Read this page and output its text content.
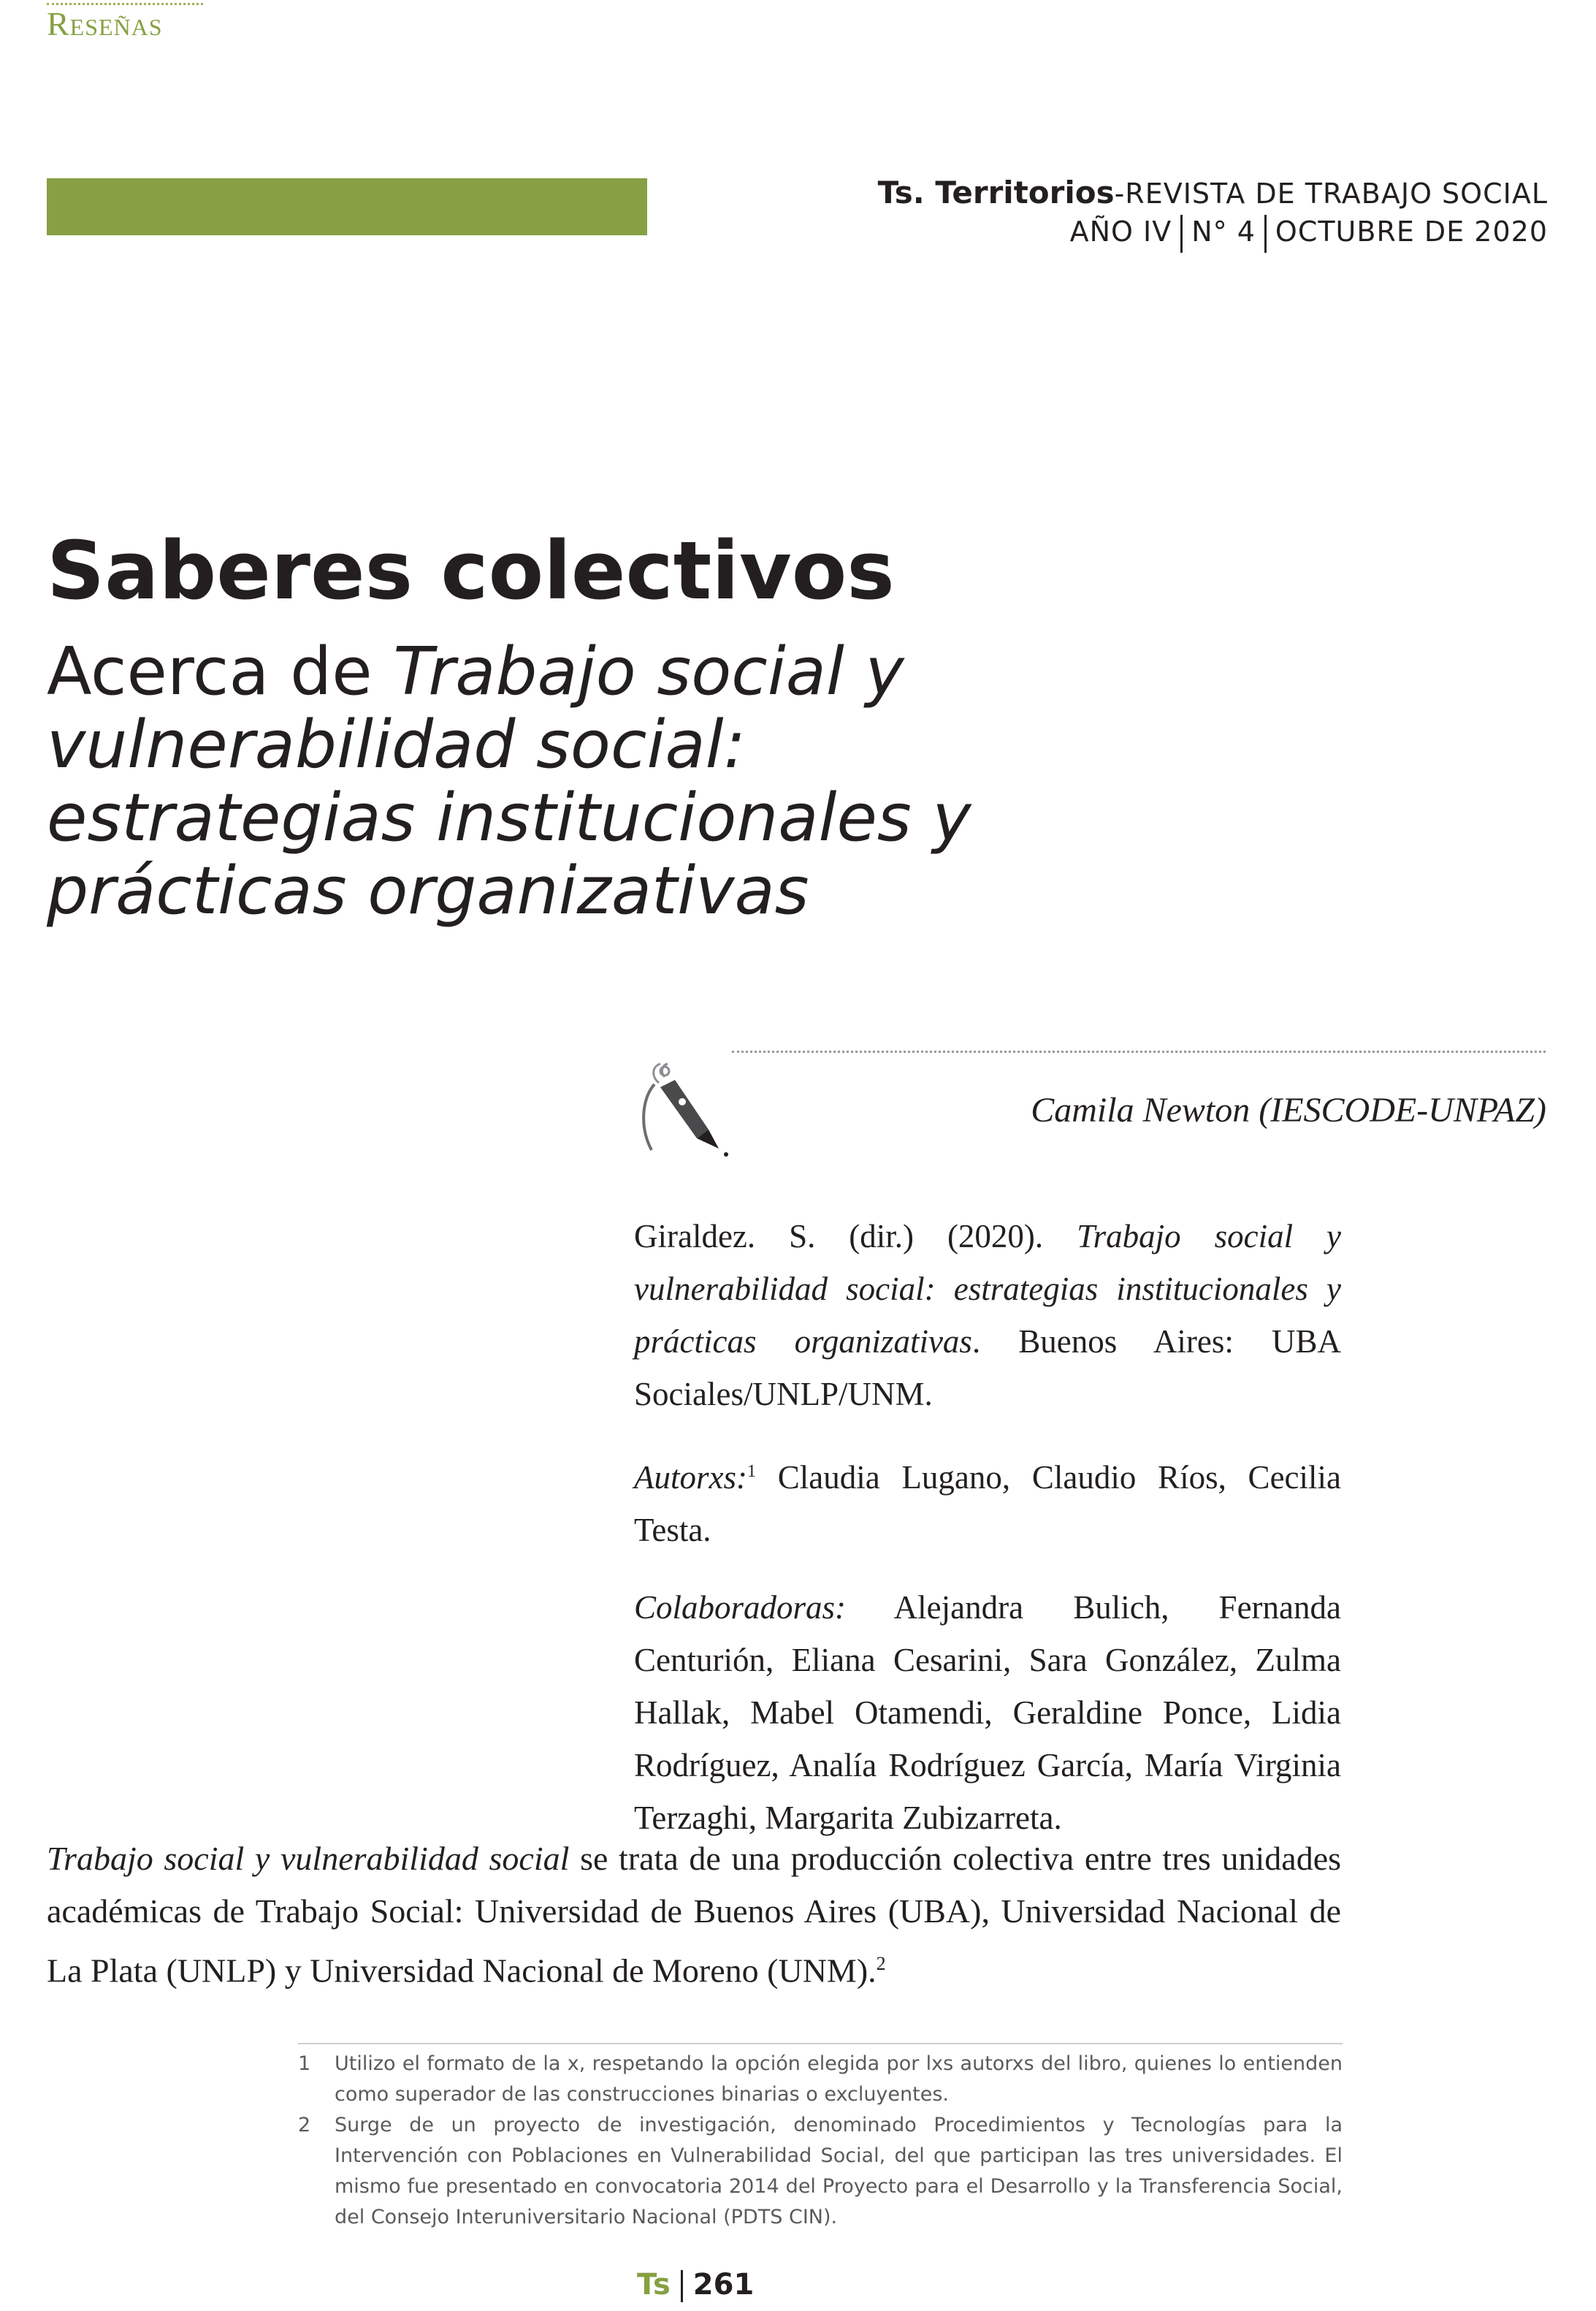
Reseñas
Ts. Territorios-REVISTA DE TRABAJO SOCIAL
AÑO IV N° 4 OCTUBRE DE 2020
Saberes colectivos
Acerca de Trabajo social y vulnerabilidad social: estrategias institucionales y prácticas organizativas
Camila Newton (IESCODE-UNPAZ)

Giraldez. S. (dir.) (2020). Trabajo social y vulnerabilidad social: estrategias institucionales y prácticas organizativas. Buenos Aires: UBA Sociales/UNLP/UNM.

Autorxs:$^1$ Claudia Lugano, Claudio Ríos, Cecilia Testa.

Colaboradoras: Alejandra Bulich, Fernanda Centurión, Eliana Cesarini, Sara González, Zulma Hallak, Mabel Otamendi, Geraldine Ponce, Lidia Rodríguez, Analía Rodríguez García, María Virginia Terzaghi, Margarita Zubizarreta.

Trabajo social y vulnerabilidad social se trata de una producción colectiva entre tres unidades académicas de Trabajo Social: Universidad de Buenos Aires (UBA), Universidad Nacional de La Plata (UNLP) y Universidad Nacional de Moreno (UNM).$^2$

1	Utilizo el formato de la x, respetando la opción elegida por lxs autorxs del libro, quienes lo entienden como superador de las construcciones binarias o excluyentes.
2	Surge de un proyecto de investigación, denominado Procedimientos y Tecnologías para la Intervención con Poblaciones en Vulnerabilidad Social, del que participan las tres universidades. El mismo fue presentado en convocatoria 2014 del Proyecto para el Desarrollo y la Transferencia Social, del Consejo Interuniversitario Nacional (PDTS CIN).
Ts 261
